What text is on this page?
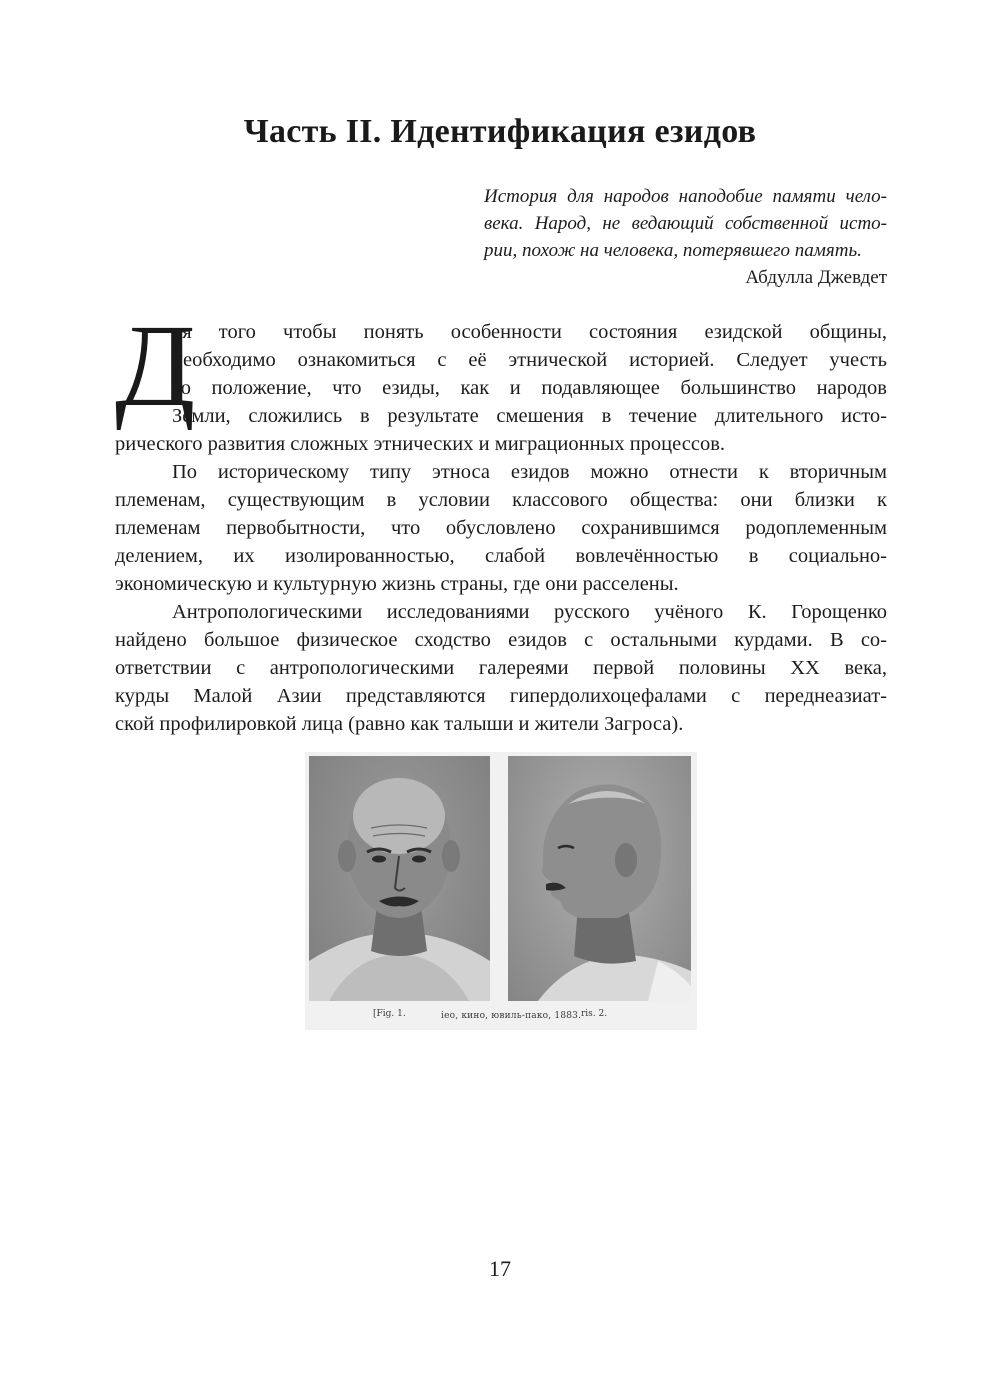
Часть II. Идентификация езидов
История для народов наподобие памяти чело-
века. Народ, не ведающий собственной исто-
рии, похож на человека, потерявшего память.
Абдулла Джевдет
Д
ля того чтобы понять особенности состояния езидской общины,
необходимо ознакомиться с её этнической историей. Следует учесть
то положение, что езиды, как и подавляющее большинство народов
Земли, сложились в результате смешения в течение длительного исто-
рического развития сложных этнических и миграционных процессов.
По историческому типу этноса езидов можно отнести к вторичным
племенам, существующим в условии классового общества: они близки к
племенам первобытности, что обусловлено сохранившимся родоплеменным
делением, их изолированностью, слабой вовлечённостью в социально-
экономическую и культурную жизнь страны, где они расселены.
Антропологическими исследованиями русского учёного К. Горощенко
найдено большое физическое сходство езидов с остальными курдами. В со-
ответствии с антропологическими галереями первой половины XX века,
курды Малой Азии представляются гипердолихоцефалами с переднеазиат-
ской профилировкой лица (равно как талыши и жители Загроса).
[Fig. 1.	ieo, кино, ювиль-пако, 1883. ris. 2.
17
